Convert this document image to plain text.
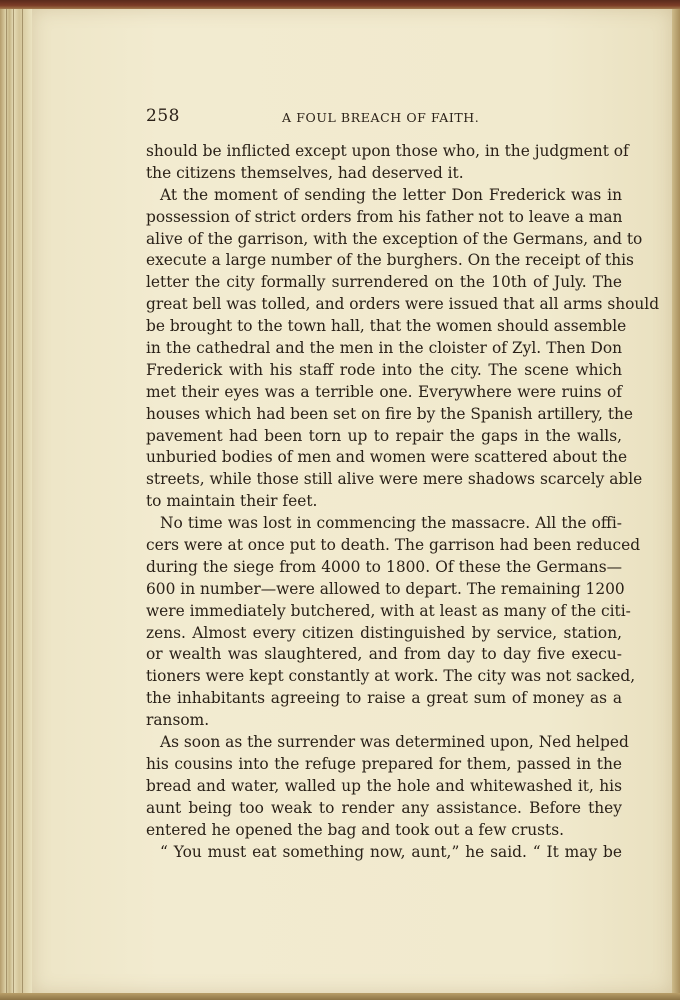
258	A FOUL BREACH OF FAITH.
should be inflicted except upon those who, in the judgment of
the citizens themselves, had deserved it.
At the moment of sending the letter Don Frederick was in
possession of strict orders from his father not to leave a man
alive of the garrison, with the exception of the Germans, and to
execute a large number of the burghers. On the receipt of this
letter the city formally surrendered on the 10th of July. The
great bell was tolled, and orders were issued that all arms should
be brought to the town hall, that the women should assemble
in the cathedral and the men in the cloister of Zyl. Then Don
Frederick with his staff rode into the city. The scene which
met their eyes was a terrible one. Everywhere were ruins of
houses which had been set on fire by the Spanish artillery, the
pavement had been torn up to repair the gaps in the walls,
unburied bodies of men and women were scattered about the
streets, while those still alive were mere shadows scarcely able
to maintain their feet.
No time was lost in commencing the massacre. All the offi-
cers were at once put to death. The garrison had been reduced
during the siege from 4000 to 1800. Of these the Germans—
600 in number—were allowed to depart. The remaining 1200
were immediately butchered, with at least as many of the citi-
zens. Almost every citizen distinguished by service, station,
or wealth was slaughtered, and from day to day five execu-
tioners were kept constantly at work. The city was not sacked,
the inhabitants agreeing to raise a great sum of money as a
ransom.
As soon as the surrender was determined upon, Ned helped
his cousins into the refuge prepared for them, passed in the
bread and water, walled up the hole and whitewashed it, his
aunt being too weak to render any assistance. Before they
entered he opened the bag and took out a few crusts.
“ You must eat something now, aunt,” he said. “ It may be
